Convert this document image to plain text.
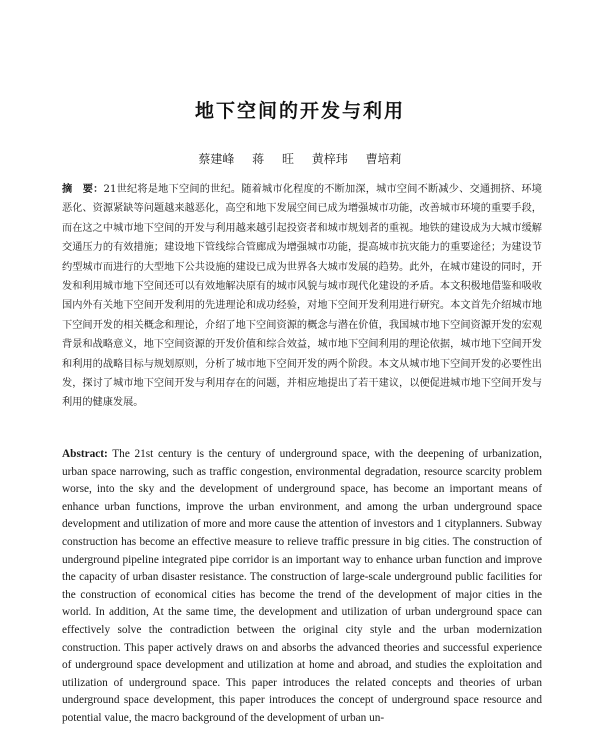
地下空间的开发与利用
蔡建峰 蒋 旺 黄梓玮 曹培莉
摘　要：21世纪将是地下空间的世纪。随着城市化程度的不断加深，城市空间不断减少、交通拥挤、环境恶化、资源紧缺等问题越来越恶化，高空和地下发展空间已成为增强城市功能，改善城市环境的重要手段，而在这之中城市地下空间的开发与利用越来越引起投资者和城市规划者的重视。地铁的建设成为大城市缓解交通压力的有效措施；建设地下管线综合管廊成为增强城市功能，提高城市抗灾能力的重要途径；为建设节约型城市而进行的大型地下公共设施的建设已成为世界各大城市发展的趋势。此外，在城市建设的同时，开发和利用城市地下空间还可以有效地解决原有的城市风貌与城市现代化建设的矛盾。本文积极地借鉴和吸收国内外有关地下空间开发利用的先进理论和成功经验，对地下空间开发利用进行研究。本文首先介绍城市地下空间开发的相关概念和理论，介绍了地下空间资源的概念与潜在价值，我国城市地下空间资源开发的宏观背景和战略意义，地下空间资源的开发价值和综合效益，城市地下空间利用的理论依据，城市地下空间开发和利用的战略目标与规划原则，分析了城市地下空间开发的两个阶段。本文从城市地下空间开发的必要性出发，探讨了城市地下空间开发与利用存在的问题，并相应地提出了若干建议，以便促进城市地下空间开发与利用的健康发展。
Abstract: The 21st century is the century of underground space, with the deepening of urbanization, urban space narrowing, such as traffic congestion, environmental degradation, resource scarcity problem worse, into the sky and the development of underground space, has become an important means of enhance urban functions, improve the urban environment, and among the urban underground space development and utilization of more and more cause the attention of investors and 1 cityplanners. Subway construction has become an effective measure to relieve traffic pressure in big cities. The construction of underground pipeline integrated pipe corridor is an important way to enhance urban function and improve the capacity of urban disaster resistance. The construction of large-scale underground public facilities for the construction of economical cities has become the trend of the development of major cities in the world. In addition, At the same time, the development and utilization of urban underground space can effectively solve the contradiction between the original city style and the urban modernization construction. This paper actively draws on and absorbs the advanced theories and successful experience of underground space development and utilization at home and abroad, and studies the exploitation and utilization of underground space. This paper introduces the related concepts and theories of urban underground space development, this paper introduces the concept of underground space resource and potential value, the macro background of the development of urban un-
